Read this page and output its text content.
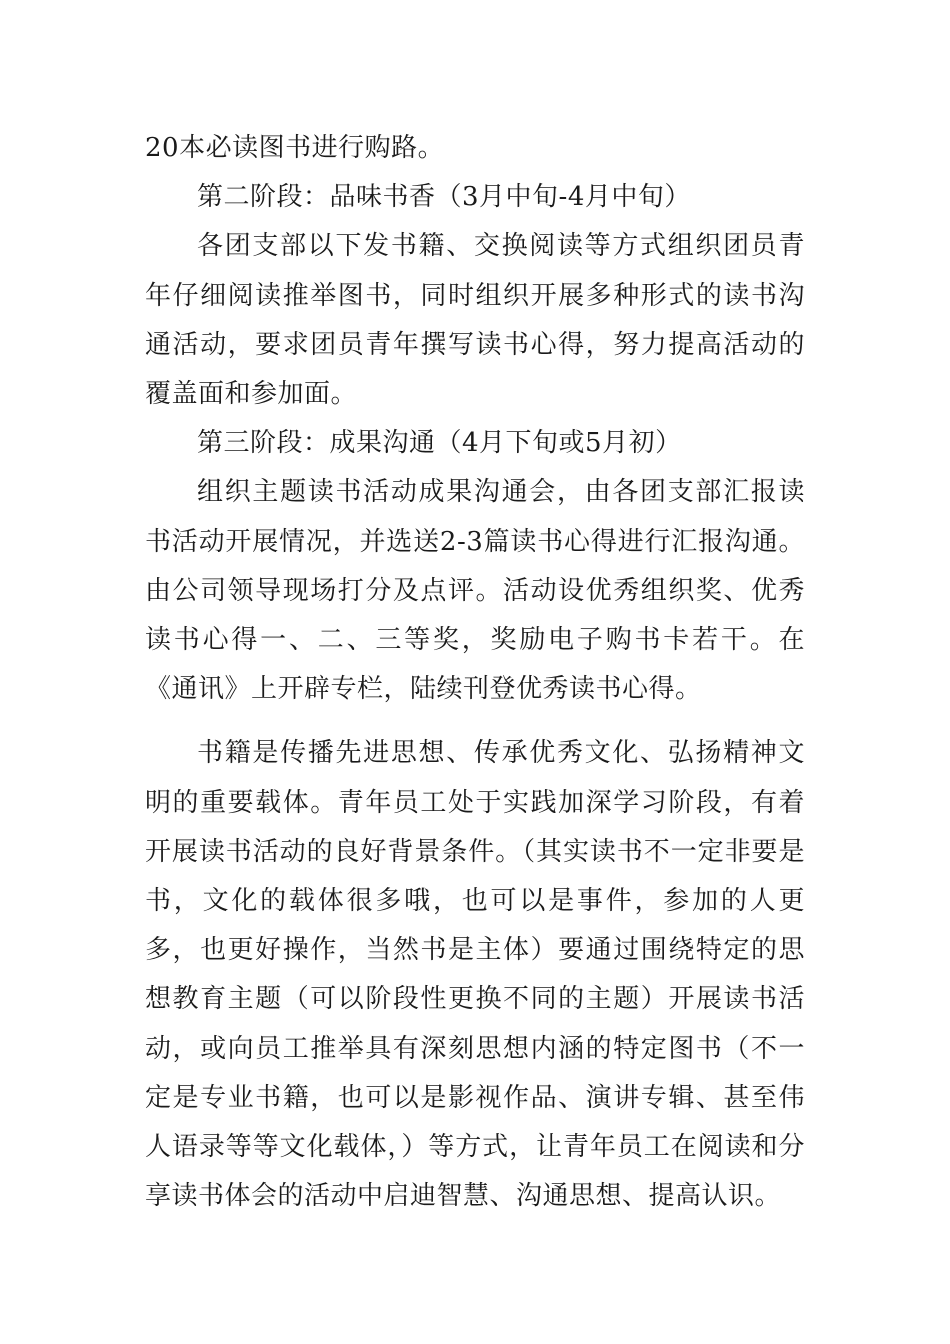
20本必读图书进行购路。

第二阶段：品味书香（3月中旬-4月中旬）

各团支部以下发书籍、交换阅读等方式组织团员青年仔细阅读推举图书，同时组织开展多种形式的读书沟通活动，要求团员青年撰写读书心得，努力提高活动的覆盖面和参加面。

第三阶段：成果沟通（4月下旬或5月初）

组织主题读书活动成果沟通会，由各团支部汇报读书活动开展情况，并选送2-3篇读书心得进行汇报沟通。由公司领导现场打分及点评。活动设优秀组织奖、优秀读书心得一、二、三等奖，奖励电子购书卡若干。在《通讯》上开辟专栏，陆续刊登优秀读书心得。

书籍是传播先进思想、传承优秀文化、弘扬精神文明的重要载体。青年员工处于实践加深学习阶段，有着开展读书活动的良好背景条件。（其实读书不一定非要是书，文化的载体很多哦，也可以是事件，参加的人更多，也更好操作，当然书是主体）要通过围绕特定的思想教育主题（可以阶段性更换不同的主题）开展读书活动，或向员工推举具有深刻思想内涵的特定图书（不一定是专业书籍，也可以是影视作品、演讲专辑、甚至伟人语录等等文化载体，）等方式，让青年员工在阅读和分享读书体会的活动中启迪智慧、沟通思想、提高认识。
